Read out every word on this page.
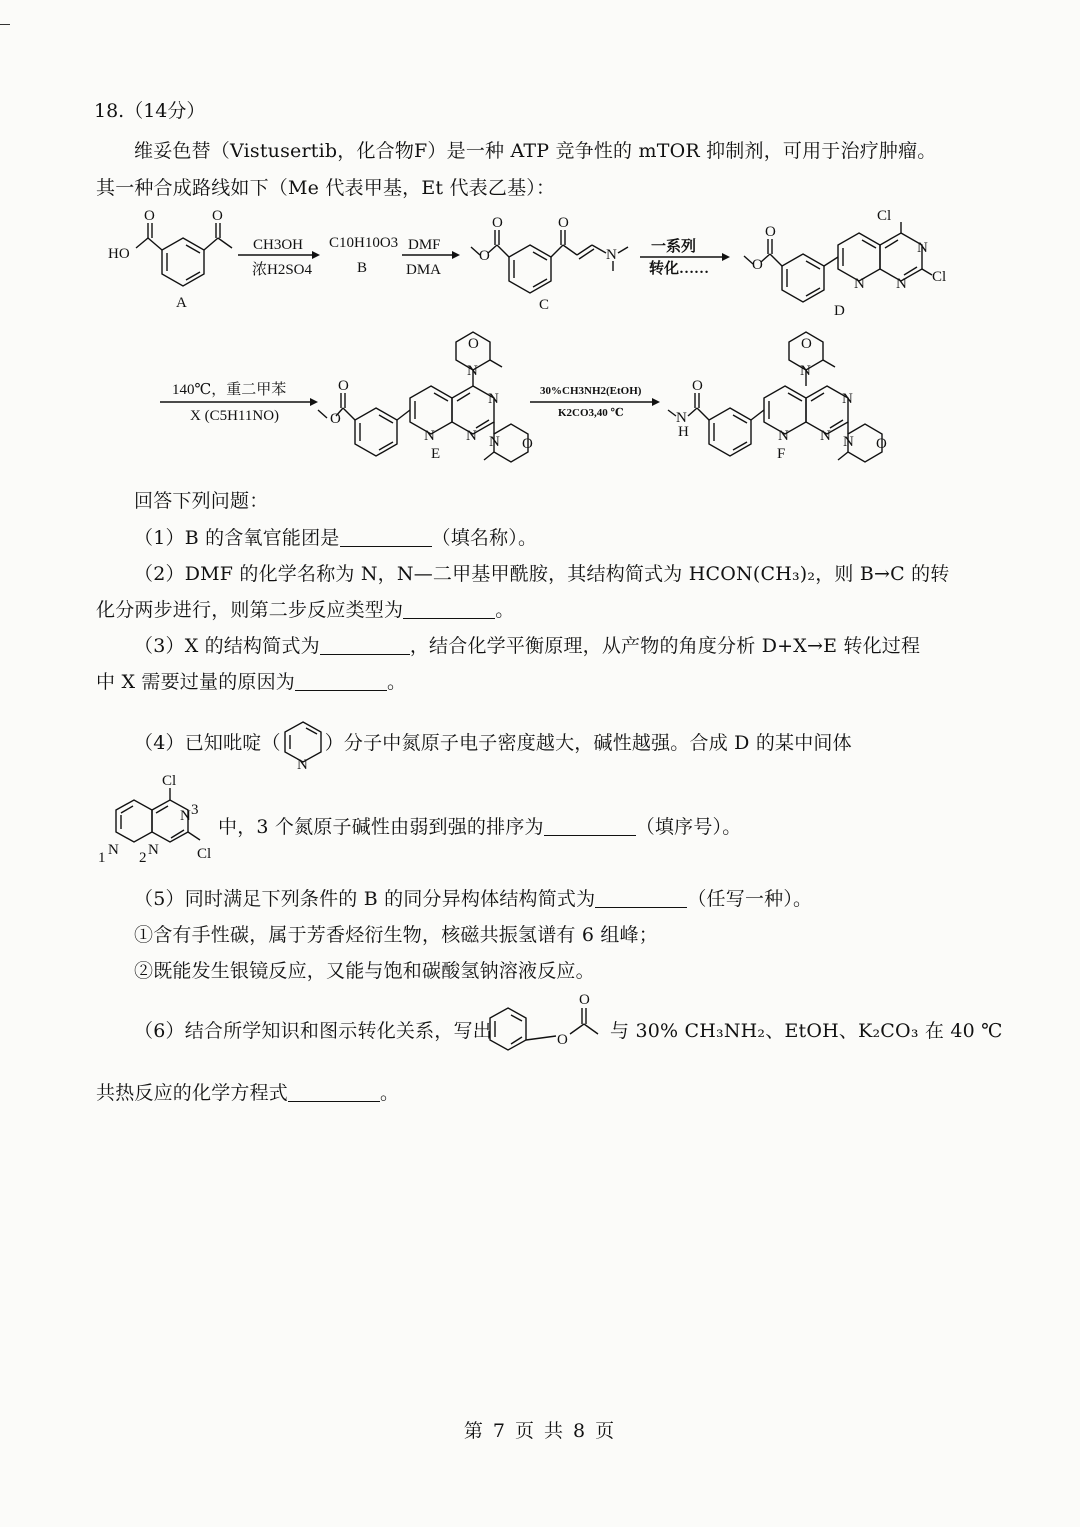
18.（14分）
维妥色替（Vistusertib，化合物F）是一种 ATP 竞争性的 mTOR 抑制剂，可用于治疗肿瘤。
其一种合成路线如下（Me 代表甲基，Et 代表乙基）：
O	O
HO
A
CH3OH
浓H2SO4
C10H10O3
B
DMF
DMA
O	O
O	N
C
一系列
转化……
O
O
Cl
N
N N Cl
D
140℃，重二甲苯
X (C5H11NO)
O
N
N
N N N O
O
O
E
30%CH3NH2(EtOH)
K2CO3,40 ℃
O
N
N
N N N O
O
N
H
F
回答下列问题：
（1）B 的含氧官能团是	（填名称）。
（2）DMF 的化学名称为 N，N—二甲基甲酰胺，其结构简式为 HCON(CH₃)₂，则 B→C 的转
化分两步进行，则第二步反应类型为	。
（3）X 的结构简式为	，结合化学平衡原理，从产物的角度分析 D+X→E 转化过程
中 X 需要过量的原因为	。
（4）已知吡啶（
N
）分子中氮原子电子密度越大，碱性越强。合成 D 的某中间体
Cl
N 3
N
1	N
2	Cl
中，3 个氮原子碱性由弱到强的排序为	（填序号）。
（5）同时满足下列条件的 B 的同分异构体结构简式为	（任写一种）。
①含有手性碳，属于芳香烃衍生物，核磁共振氢谱有 6 组峰；
②既能发生银镜反应，又能与饱和碳酸氢钠溶液反应。
（6）结合所学知识和图示转化关系，写出	O
O
与 30% CH₃NH₂、EtOH、K₂CO₃ 在 40 ℃
共热反应的化学方程式	。
第 7 页 共 8 页
